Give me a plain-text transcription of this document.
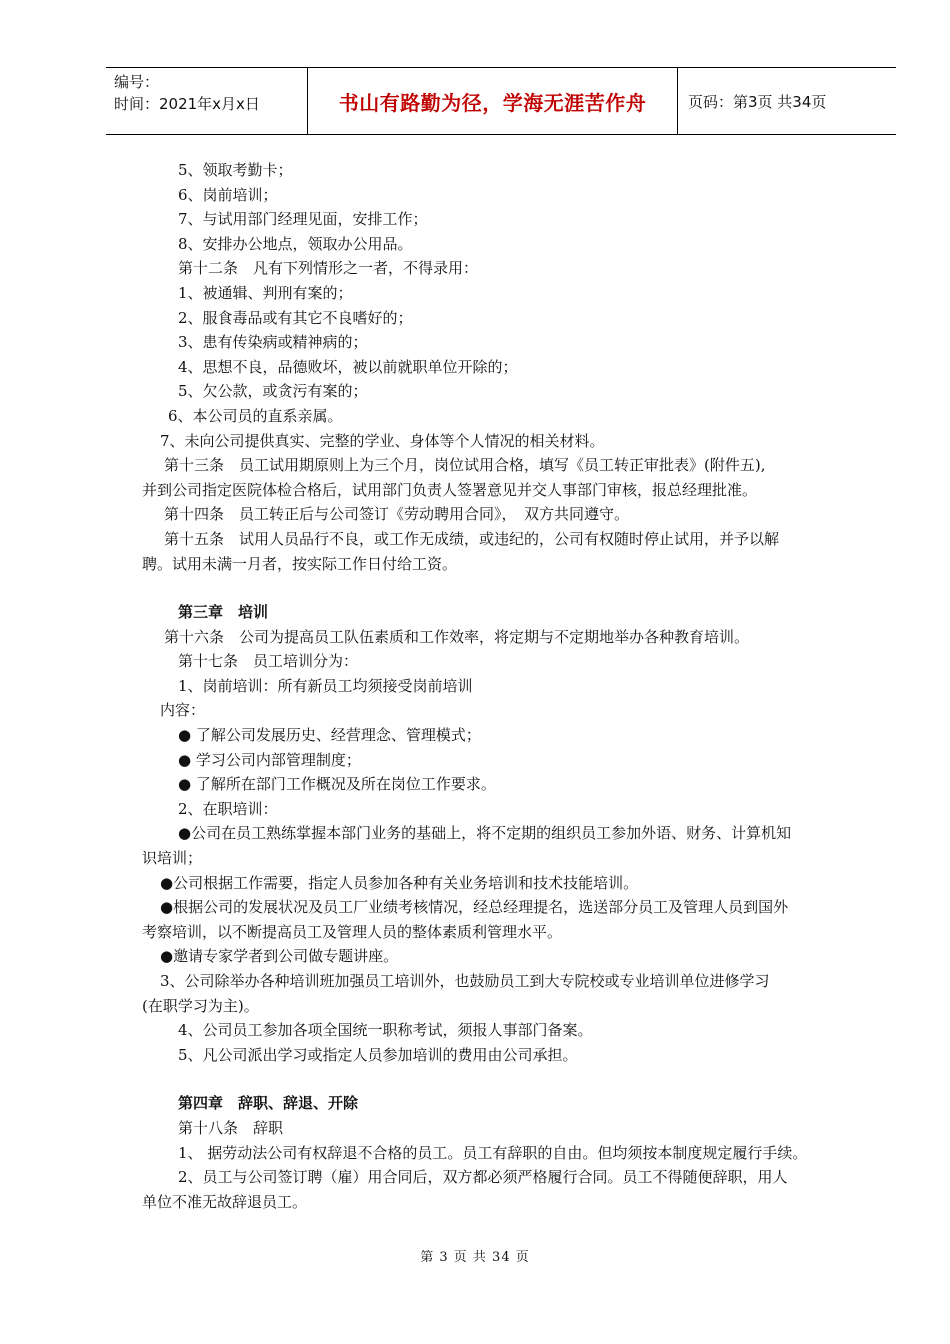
编号：
时间：2021年x月x日	书山有路勤为径，学海无涯苦作舟	页码：第3页 共34页
5、领取考勤卡；
6、岗前培训；
7、与试用部门经理见面，安排工作；
8、安排办公地点，领取办公用品。
第十二条　凡有下列情形之一者，不得录用：
1、被通辑、判刑有案的；
2、服食毒品或有其它不良嗜好的；
3、患有传染病或精神病的；
4、思想不良，品德败坏，被以前就职单位开除的；
5、欠公款，或贪污有案的；
6、本公司员的直系亲属。
7、未向公司提供真实、完整的学业、身体等个人情况的相关材料。
第十三条　员工试用期原则上为三个月，岗位试用合格，填写《员工转正审批表》(附件五),
并到公司指定医院体检合格后，试用部门负责人签署意见并交人事部门审核，报总经理批准。
第十四条　员工转正后与公司签订《劳动聘用合同》，　双方共同遵守。
第十五条　试用人员品行不良，或工作无成绩，或违纪的，公司有权随时停止试用，并予以解
聘。试用未满一月者，按实际工作日付给工资。
第三章　培训
第十六条　公司为提高员工队伍素质和工作效率，将定期与不定期地举办各种教育培训。
第十七条　员工培训分为：
1、岗前培训：所有新员工均须接受岗前培训
内容：
● 了解公司发展历史、经营理念、管理模式；
● 学习公司内部管理制度；
● 了解所在部门工作概况及所在岗位工作要求。
2、在职培训：
●公司在员工熟练掌握本部门业务的基础上，将不定期的组织员工参加外语、财务、计算机知
识培训；
●公司根据工作需要，指定人员参加各种有关业务培训和技术技能培训。
●根据公司的发展状况及员工厂业绩考核情况，经总经理提名，选送部分员工及管理人员到国外
考察培训，以不断提高员工及管理人员的整体素质利管理水平。
●邀请专家学者到公司做专题讲座。
3、公司除举办各种培训班加强员工培训外，也鼓励员工到大专院校或专业培训单位进修学习
(在职学习为主)。
4、公司员工参加各项全国统一职称考试，须报人事部门备案。
5、凡公司派出学习或指定人员参加培训的费用由公司承担。
第四章　辞职、辞退、开除
第十八条　辞职
1、 据劳动法公司有权辞退不合格的员工。员工有辞职的自由。但均须按本制度规定履行手续。
2、员工与公司签订聘（雇）用合同后，双方都必须严格履行合同。员工不得随便辞职，用人
单位不准无故辞退员工。
第 3 页 共 34 页
